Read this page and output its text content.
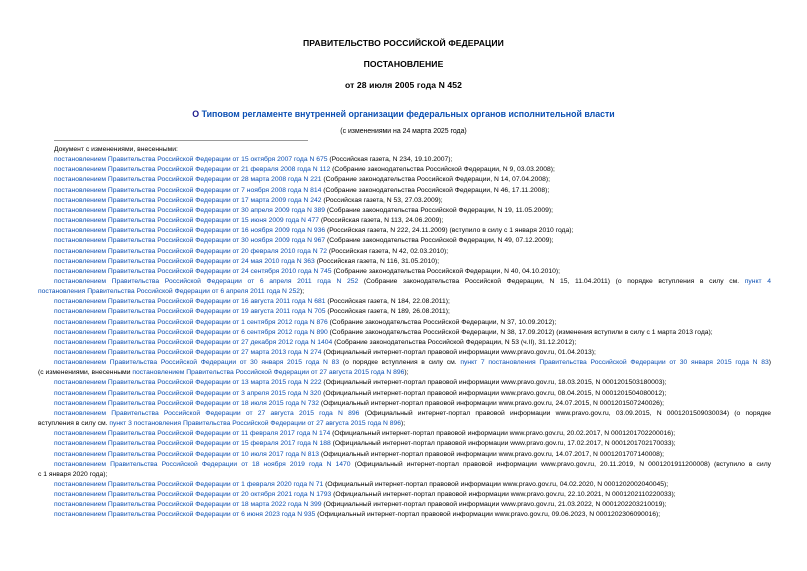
ПРАВИТЕЛЬСТВО РОССИЙСКОЙ ФЕДЕРАЦИИ
ПОСТАНОВЛЕНИЕ
от 28 июля 2005 года N 452
О Типовом регламенте внутренней организации федеральных органов исполнительной власти
(с изменениями на 24 марта 2025 года)
Документ с изменениями, внесенными:
постановлением Правительства Российской Федерации от 15 октября 2007 года N 675 (Российская газета, N 234, 19.10.2007);
постановлением Правительства Российской Федерации от 21 февраля 2008 года N 112 (Собрание законодательства Российской Федерации, N 9, 03.03.2008);
постановлением Правительства Российской Федерации от 28 марта 2008 года N 221 (Собрание законодательства Российской Федерации, N 14, 07.04.2008);
постановлением Правительства Российской Федерации от 7 ноября 2008 года N 814 (Собрание законодательства Российской Федерации, N 46, 17.11.2008);
постановлением Правительства Российской Федерации от 17 марта 2009 года N 242 (Российская газета, N 53, 27.03.2009);
постановлением Правительства Российской Федерации от 30 апреля 2009 года N 389 (Собрание законодательства Российской Федерации, N 19, 11.05.2009);
постановлением Правительства Российской Федерации от 15 июня 2009 года N 477 (Российская газета, N 113, 24.06.2009);
постановлением Правительства Российской Федерации от 16 ноября 2009 года N 936 (Российская газета, N 222, 24.11.2009) (вступило в силу с 1 января 2010 года);
постановлением Правительства Российской Федерации от 30 ноября 2009 года N 967 (Собрание законодательства Российской Федерации, N 49, 07.12.2009);
постановлением Правительства Российской Федерации от 20 февраля 2010 года N 72 (Российская газета, N 42, 02.03.2010);
постановлением Правительства Российской Федерации от 24 мая 2010 года N 363 (Российская газета, N 116, 31.05.2010);
постановлением Правительства Российской Федерации от 24 сентября 2010 года N 745 (Собрание законодательства Российской Федерации, N 40, 04.10.2010);
постановлением Правительства Российской Федерации от 6 апреля 2011 года N 252 (Собрание законодательства Российской Федерации, N 15, 11.04.2011) (о порядке вступления в силу см. пункт 4
постановления Правительства Российской Федерации от 6 апреля 2011 года N 252);
постановлением Правительства Российской Федерации от 16 августа 2011 года N 681 (Российская газета, N 184, 22.08.2011);
постановлением Правительства Российской Федерации от 19 августа 2011 года N 705 (Российская газета, N 189, 26.08.2011);
постановлением Правительства Российской Федерации от 1 сентября 2012 года N 876 (Собрание законодательства Российской Федерации, N 37, 10.09.2012);
постановлением Правительства Российской Федерации от 6 сентября 2012 года N 890 (Собрание законодательства Российской Федерации, N 38, 17.09.2012) (изменения вступили в силу с 1 марта 2013 года);
постановлением Правительства Российской Федерации от 27 декабря 2012 года N 1404 (Собрание законодательства Российской Федерации, N 53 (ч.II), 31.12.2012);
постановлением Правительства Российской Федерации от 27 марта 2013 года N 274 (Официальный интернет-портал правовой информации www.pravo.gov.ru, 01.04.2013);
постановлением Правительства Российской Федерации от 30 января 2015 года N 83 (о порядке вступления в силу см. пункт 7 постановления Правительства Российской Федерации от 30 января 2015 года N 83)
(с изменениями, внесенными постановлением Правительства Российской Федерации от 27 августа 2015 года N 896);
постановлением Правительства Российской Федерации от 13 марта 2015 года N 222 (Официальный интернет-портал правовой информации www.pravo.gov.ru, 18.03.2015, N 0001201503180003);
постановлением Правительства Российской Федерации от 3 апреля 2015 года N 320 (Официальный интернет-портал правовой информации www.pravo.gov.ru, 08.04.2015, N 0001201504080012);
постановлением Правительства Российской Федерации от 18 июля 2015 года N 732 (Официальный интернет-портал правовой информации www.pravo.gov.ru, 24.07.2015, N 0001201507240026);
постановлением Правительства Российской Федерации от 27 августа 2015 года N 896 (Официальный интернет-портал правовой информации www.pravo.gov.ru, 03.09.2015, N 0001201509030034) (о порядке
вступления в силу см. пункт 3 постановления Правительства Российской Федерации от 27 августа 2015 года N 896);
постановлением Правительства Российской Федерации от 11 февраля 2017 года N 174 (Официальный интернет-портал правовой информации www.pravo.gov.ru, 20.02.2017, N 0001201702200016);
постановлением Правительства Российской Федерации от 15 февраля 2017 года N 188 (Официальный интернет-портал правовой информации www.pravo.gov.ru, 17.02.2017, N 0001201702170033);
постановлением Правительства Российской Федерации от 10 июля 2017 года N 813 (Официальный интернет-портал правовой информации www.pravo.gov.ru, 14.07.2017, N 0001201707140008);
постановлением Правительства Российской Федерации от 18 ноября 2019 года N 1470 (Официальный интернет-портал правовой информации www.pravo.gov.ru, 20.11.2019, N 0001201911200008) (вступило в силу
с 1 января 2020 года);
постановлением Правительства Российской Федерации от 1 февраля 2020 года N 71 (Официальный интернет-портал правовой информации www.pravo.gov.ru, 04.02.2020, N 0001202002040045);
постановлением Правительства Российской Федерации от 20 октября 2021 года N 1793 (Официальный интернет-портал правовой информации www.pravo.gov.ru, 22.10.2021, N 0001202110220033);
постановлением Правительства Российской Федерации от 18 марта 2022 года N 399 (Официальный интернет-портал правовой информации www.pravo.gov.ru, 21.03.2022, N 0001202203210019);
постановлением Правительства Российской Федерации от 6 июня 2023 года N 935 (Официальный интернет-портал правовой информации www.pravo.gov.ru, 09.06.2023, N 0001202306090016);
